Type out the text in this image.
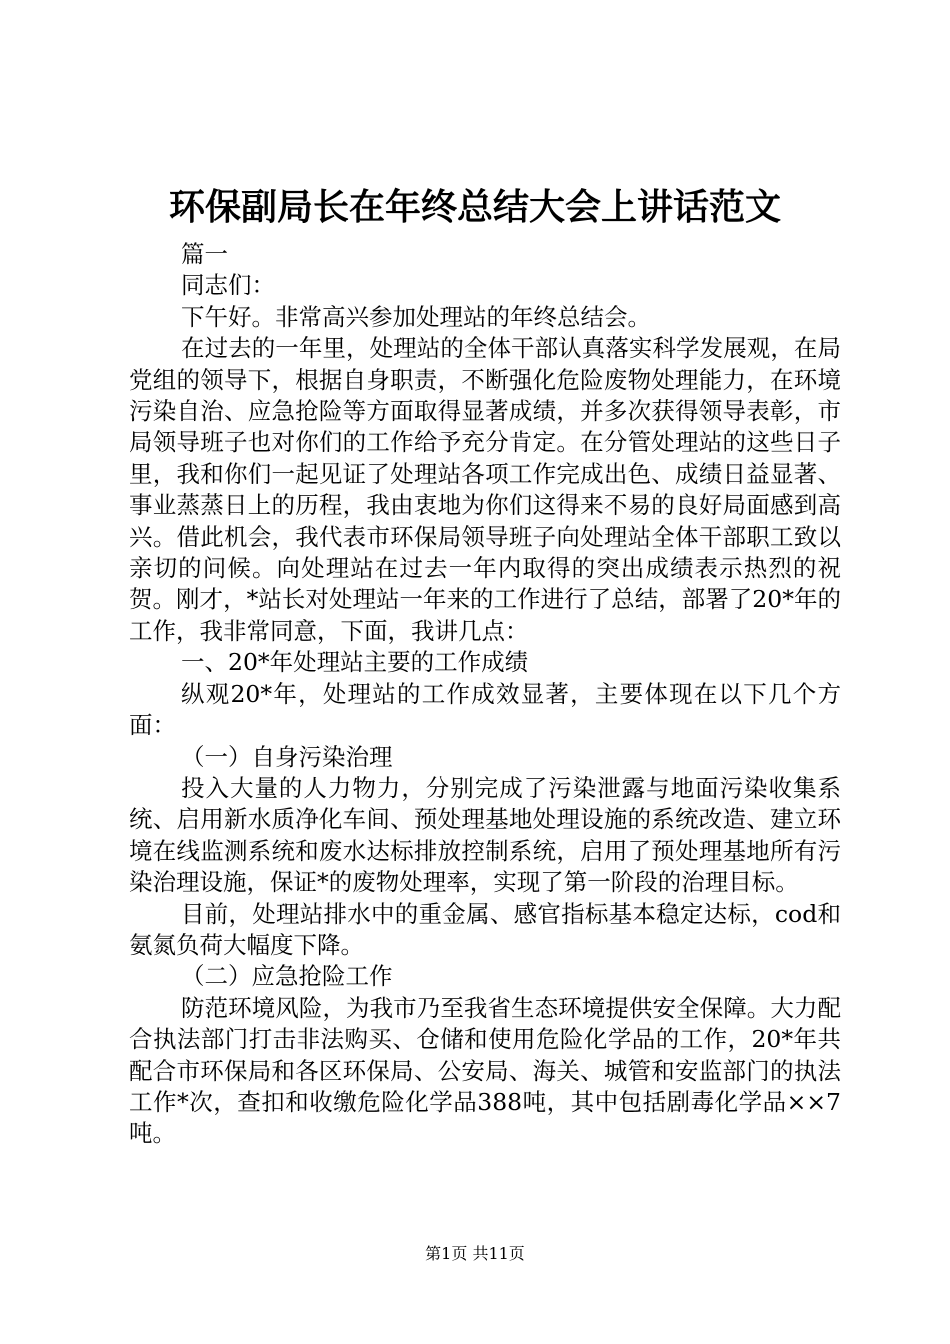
环保副局长在年终总结大会上讲话范文

篇一

同志们：

下午好。非常高兴参加处理站的年终总结会。

在过去的一年里，处理站的全体干部认真落实科学发展观，在局党组的领导下，根据自身职责，不断强化危险废物处理能力，在环境污染自治、应急抢险等方面取得显著成绩，并多次获得领导表彰，市局领导班子也对你们的工作给予充分肯定。在分管处理站的这些日子里，我和你们一起见证了处理站各项工作完成出色、成绩日益显著、事业蒸蒸日上的历程，我由衷地为你们这得来不易的良好局面感到高兴。借此机会，我代表市环保局领导班子向处理站全体干部职工致以亲切的问候。向处理站在过去一年内取得的突出成绩表示热烈的祝贺。刚才，*站长对处理站一年来的工作进行了总结，部署了20*年的工作，我非常同意，下面，我讲几点：

一、20*年处理站主要的工作成绩

纵观20*年，处理站的工作成效显著，主要体现在以下几个方面：

（一）自身污染治理

投入大量的人力物力，分别完成了污染泄露与地面污染收集系统、启用新水质净化车间、预处理基地处理设施的系统改造、建立环境在线监测系统和废水达标排放控制系统，启用了预处理基地所有污染治理设施，保证*的废物处理率，实现了第一阶段的治理目标。

目前，处理站排水中的重金属、感官指标基本稳定达标，cod和氨氮负荷大幅度下降。

（二）应急抢险工作

防范环境风险，为我市乃至我省生态环境提供安全保障。大力配合执法部门打击非法购买、仓储和使用危险化学品的工作，20*年共配合市环保局和各区环保局、公安局、海关、城管和安监部门的执法工作*次，查扣和收缴危险化学品388吨，其中包括剧毒化学品××7吨。

第1页 共11页
